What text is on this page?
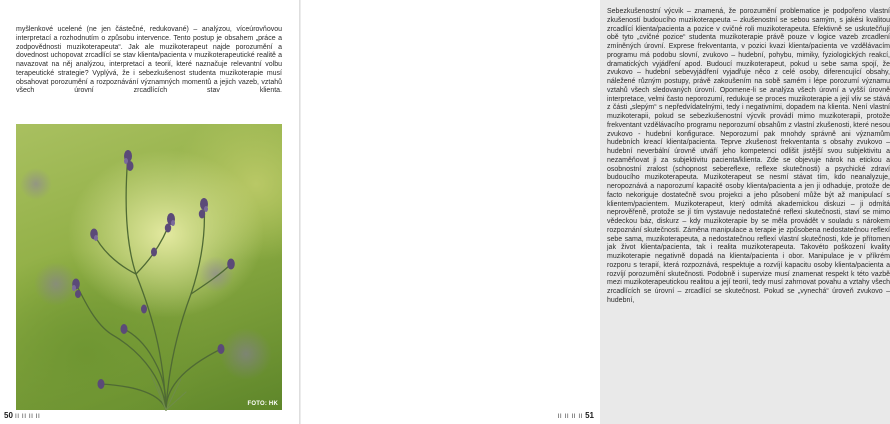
myšlenkové ucelené (ne jen částečné, redukované) – analýzou, víceúrovňovou interpretací a rozhodnutím o způsobu intervence. Tento postup je obsahem „práce a zodpovědnosti muzikoterapeuta“. Jak ale muzikoterapeut najde porozumění a dovednost uchopovat zrcadlící se stav klienta/pacienta v muzikoterapeutické realitě a navazovat na něj analýzou, interpretací a teorií, které naznačuje relevantní volbu terapeutické strategie? Vyplývá, že i sebezkušenost studenta muzikoterapie musí obsahovat porozumění a rozpoznávání významných momentů a jejich vazeb, vztahů všech úrovní zrcadlících stav klienta.

FOTO: HK
50 II II II II

Sebezkušenostní výcvik – znamená, že porozumění problematice je podpořeno vlastní zkušeností budoucího muzikoterapeuta – zkušenostní se sebou samým, s jakési kvalitou zrcadlící klienta/pacienta a pozice v cvičné roli muzikoterapeuta. Efektivně se uskutečňují obě tyto „cvičné pozice“ studenta muzikoterapie právě pouze v logice vazeb zrcadlení zmíněných úrovní. Exprese frekventanta, v pozici kvazi klienta/pacienta ve vzdělávacím programu má podobu slovní, zvukovo – hudební, pohybu, mimiky, fyziologických reakcí, dramatických vyjádření apod. Budoucí muzikoterapeut, pokud u sebe sama spojí, že zvukovo – hudební sebevyjádření vyjadřuje něco z celé osoby, diferencující obsahy, náležené různým postupy, právě zakoušením na sobě samém i lépe porozumí významu vztahů všech sledovaných úrovní. Opomene-li se analýza všech úrovní a vyšší úrovně interpretace, velmi často neporozumí, redukuje se proces muzikoterapie a její vliv se stává z části „slepým“ s nepředvídatelnými, tedy i negativními, dopadem na klienta. Není vlastní muzikoterapii, pokud se sebezkušenostní výcvik provádí mimo muzikoterapii, protože frekventant vzdělávacího programu neporozumí obsahům z vlastní zkušenosti, které nesou zvukovo - hudební konfigurace. Neporozumí pak mnohdy správně ani významům hudebních kreací klienta/pacienta. Teprve zkušenost frekventanta s obsahy zvukovo – hudební neverbální úrovně utváří jeho kompetenci odlišit jistější svou subjektivitu a nezaměňovat ji za subjektivitu pacienta/klienta. Zde se objevuje nárok na etickou a osobnostní zralost (schopnost sebereflexe, reflexe skutečnosti) a psychické zdraví budoucího muzikoterapeuta. Muzikoterapeut se nesmí stávat tím, kdo neanalyzuje, neropoznává a naporozumí kapacitě osoby klienta/pacienta a jen ji odhaduje, protože de facto nekoriguje dostatečně svou projekci a jeho působení může být až manipulací s klientem/pacientem. Muzikoterapeut, který odmítá akademickou diskuzi – ji odmítá neprověřeně, protože se jí tím vystavuje nedostatečné reflexi skutečnosti, staví se mimo vědeckou báz, diskurz – kdy muzikoterapie by se měla provádět v souladu s nárokem rozpoznání skutečnosti. Záměna manipulace a terapie je způsobena nedostatečnou reflexí sebe sama, muzikoterapeuta, a nedostatečnou reflexí vlastní skutečnosti, kde je přítomen jak život klienta/pacienta, tak i realita muzikoterapeuta. Takovéto poškození kvality muzikoterapie negativně dopadá na klienta/pacienta i obor. Manipulace je v příkrém rozporu s terapií, která rozpoznává, respektuje a rozvíjí kapacitu osoby klienta/pacienta a rozvíjí porozumění skutečnosti. Podobně i supervize musí znamenat respekt k této vazbě mezi muzikoterapeutickou realitou a její teorií, tedy musí zahrnovat povahu a vztahy všech zrcadlících se úrovní – zrcadlící se skutečnost. Pokud se „vynechá“ úroveň zvukovo – hudební,

II II II II 51
